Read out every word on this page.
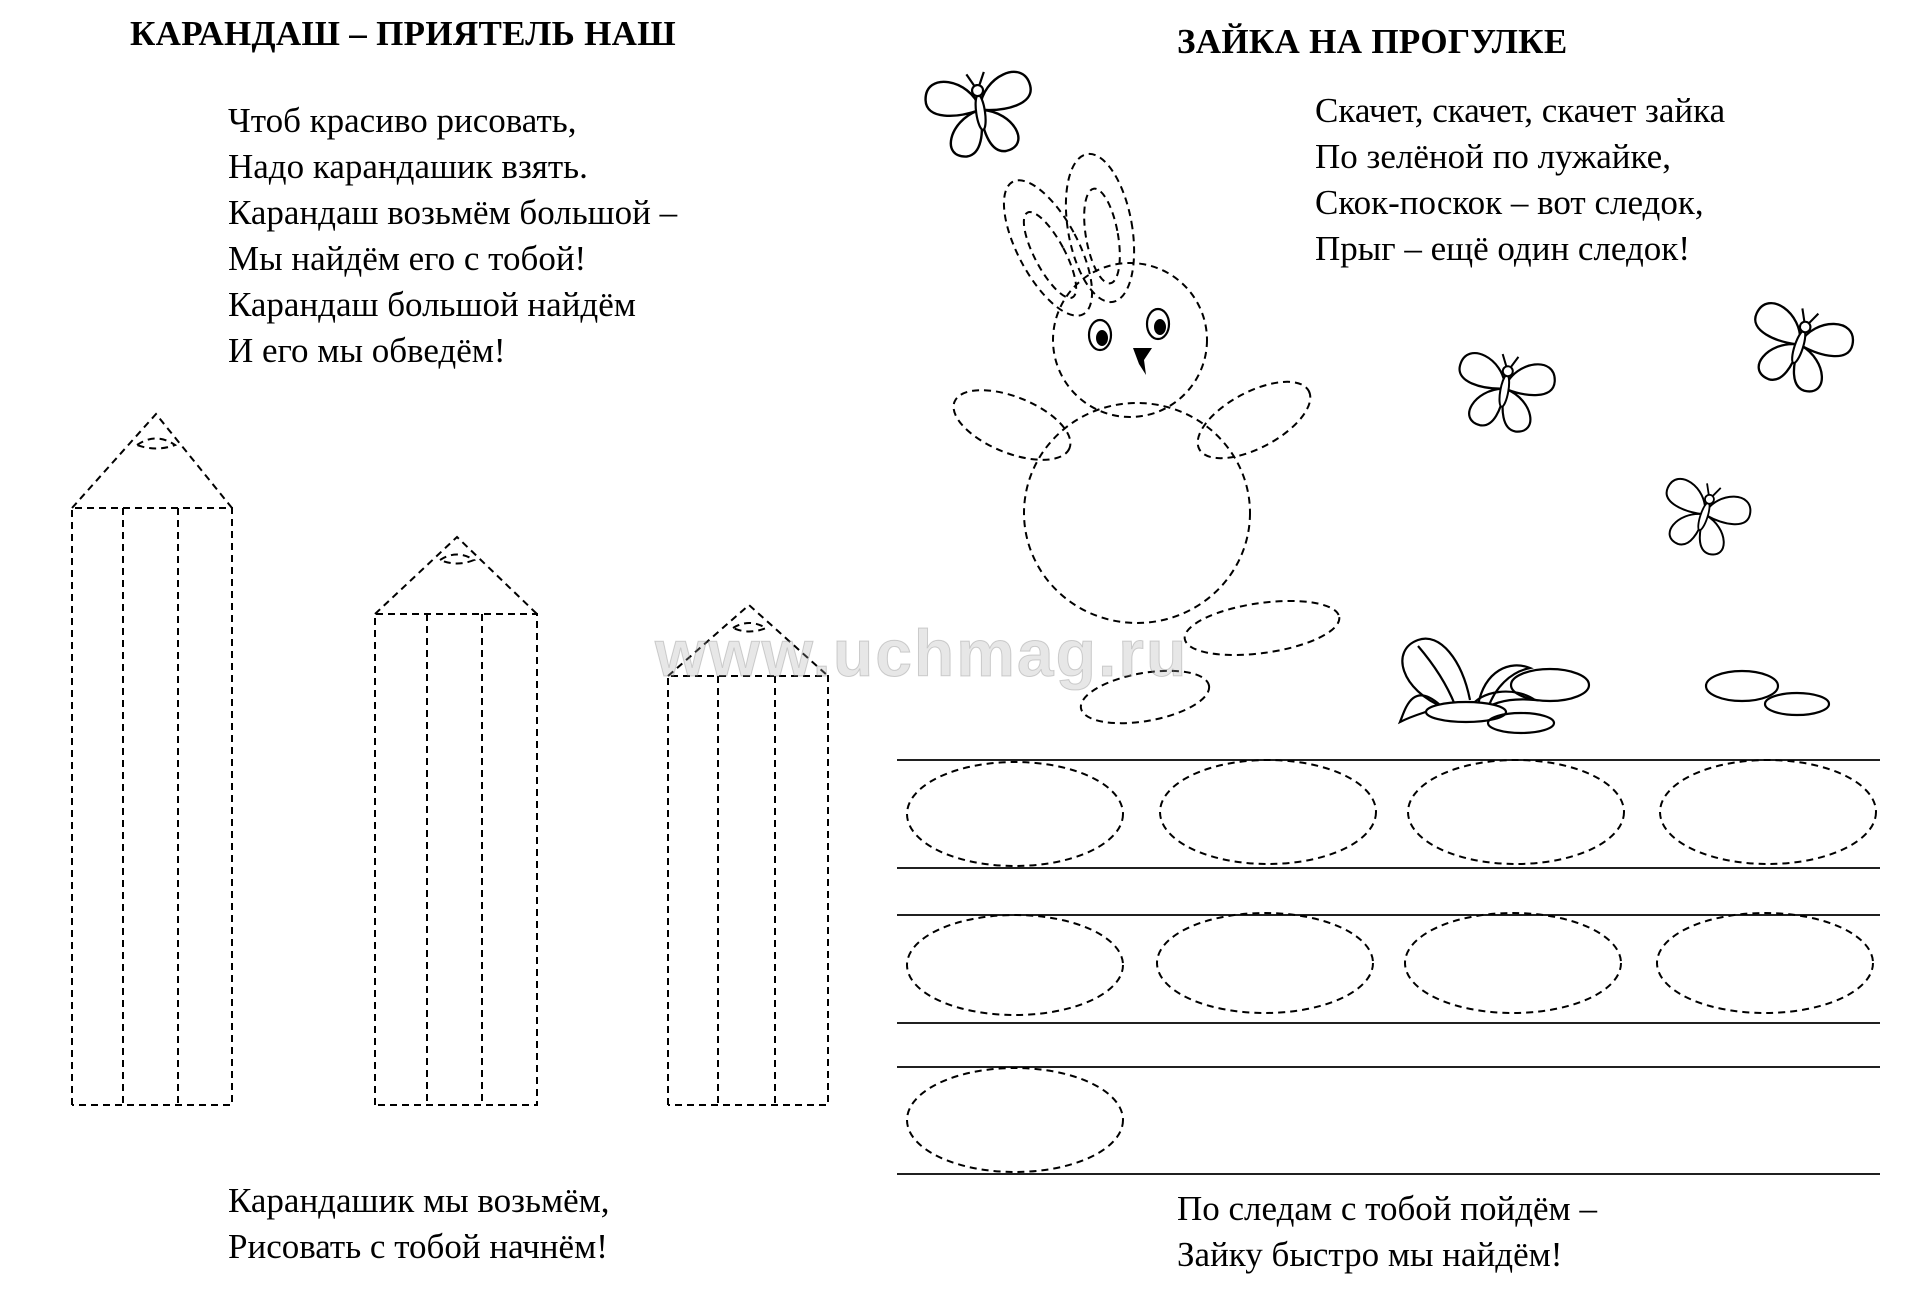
КАРАНДАШ – ПРИЯТЕЛЬ НАШ	ЗАЙКА НА ПРОГУЛКЕ
Чтоб красиво рисовать,
Надо карандашик взять.
Карандаш возьмём большой –
Мы найдём его с тобой!
Карандаш большой найдём
И его мы обведём!
Скачет, скачет, скачет зайка
По зелёной по лужайке,
Скок-поскок – вот следок,
Прыг – ещё один следок!
Карандашик мы возьмём,
Рисовать с тобой начнём!
По следам с тобой пойдём –
Зайку быстро мы найдём!
www.uchmag.ru
